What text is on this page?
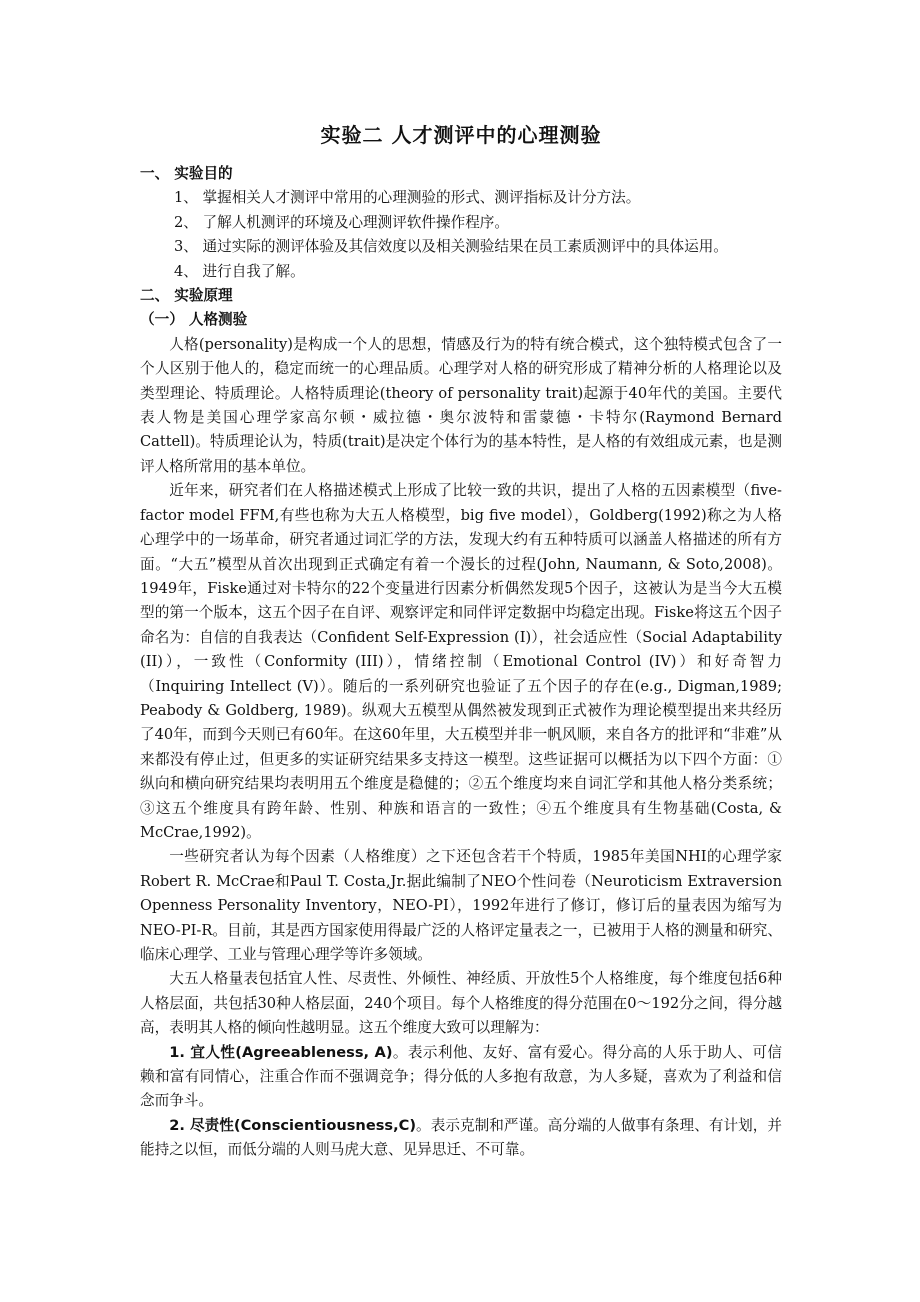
实验二 人才测评中的心理测验
一、 实验目的
1、 掌握相关人才测评中常用的心理测验的形式、测评指标及计分方法。
2、 了解人机测评的环境及心理测评软件操作程序。
3、 通过实际的测评体验及其信效度以及相关测验结果在员工素质测评中的具体运用。
4、 进行自我了解。
二、 实验原理
（一） 人格测验

人格(personality)是构成一个人的思想，情感及行为的特有统合模式，这个独特模式包含了一个人区别于他人的，稳定而统一的心理品质。心理学对人格的研究形成了精神分析的人格理论以及类型理论、特质理论。人格特质理论(theory of personality trait)起源于40年代的美国。主要代表人物是美国心理学家高尔顿・威拉德・奥尔波特和雷蒙德・卡特尔(Raymond Bernard Cattell)。特质理论认为，特质(trait)是决定个体行为的基本特性，是人格的有效组成元素，也是测评人格所常用的基本单位。

近年来，研究者们在人格描述模式上形成了比较一致的共识，提出了人格的五因素模型（five- factor model FFM,有些也称为大五人格模型，big five model），Goldberg(1992)称之为人格心理学中的一场革命，研究者通过词汇学的方法，发现大约有五种特质可以涵盖人格描述的所有方面。“大五”模型从首次出现到正式确定有着一个漫长的过程(John, Naumann, & Soto,2008)。1949年，Fiske通过对卡特尔的22个变量进行因素分析偶然发现5个因子，这被认为是当今大五模型的第一个版本，这五个因子在自评、观察评定和同伴评定数据中均稳定出现。Fiske将这五个因子命名为：自信的自我表达（Confident Self-Expression (I)），社会适应性（Social Adaptability (II)），一致性（Conformity (III)），情绪控制（Emotional Control (IV)）和好奇智力（Inquiring Intellect (V)）。随后的一系列研究也验证了五个因子的存在(e.g., Digman,1989; Peabody & Goldberg, 1989)。纵观大五模型从偶然被发现到正式被作为理论模型提出来共经历了40年，而到今天则已有60年。在这60年里，大五模型并非一帆风顺，来自各方的批评和“非难”从来都没有停止过，但更多的实证研究结果多支持这一模型。这些证据可以概括为以下四个方面：①纵向和横向研究结果均表明用五个维度是稳健的；②五个维度均来自词汇学和其他人格分类系统；③这五个维度具有跨年龄、性别、种族和语言的一致性；④五个维度具有生物基础(Costa, & McCrae,1992)。

一些研究者认为每个因素（人格维度）之下还包含若干个特质，1985年美国NHI的心理学家Robert R. McCrae和Paul T. Costa,Jr.据此编制了NEO个性问卷（Neuroticism Extraversion Openness Personality Inventory，NEO-PI），1992年进行了修订，修订后的量表因为缩写为NEO-PI-R。目前，其是西方国家使用得最广泛的人格评定量表之一，已被用于人格的测量和研究、临床心理学、工业与管理心理学等许多领域。

大五人格量表包括宜人性、尽责性、外倾性、神经质、开放性5个人格维度，每个维度包括6种人格层面，共包括30种人格层面，240个项目。每个人格维度的得分范围在0～192分之间，得分越高，表明其人格的倾向性越明显。这五个维度大致可以理解为：

1. 宜人性(Agreeableness, A)。表示利他、友好、富有爱心。得分高的人乐于助人、可信赖和富有同情心，注重合作而不强调竞争；得分低的人多抱有敌意，为人多疑，喜欢为了利益和信念而争斗。

2. 尽责性(Conscientiousness,C)。表示克制和严谨。高分端的人做事有条理、有计划，并能持之以恒，而低分端的人则马虎大意、见异思迁、不可靠。
